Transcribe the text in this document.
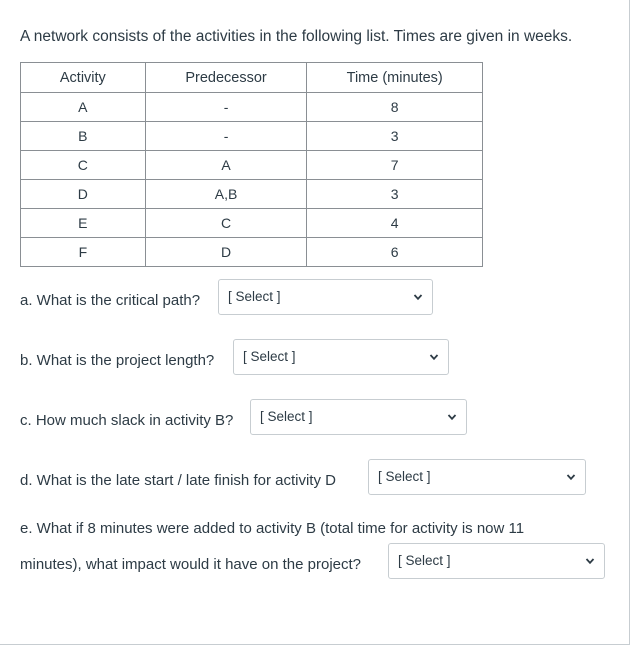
A network consists of the activities in the following list. Times are given in weeks.
Activity	Predecessor	Time (minutes)
A	-	8
B	-	3
C	A	7
D	A,B	3
E	C	4
F	D	6
a. What is the critical path? [ Select ]
b. What is the project length? [ Select ]
c. How much slack in activity B? [ Select ]
d. What is the late start / late finish for activity D	[ Select ]
e. What if 8 minutes were added to activity B (total time for activity is now 11
minutes), what impact would it have on the project?	[ Select ]
